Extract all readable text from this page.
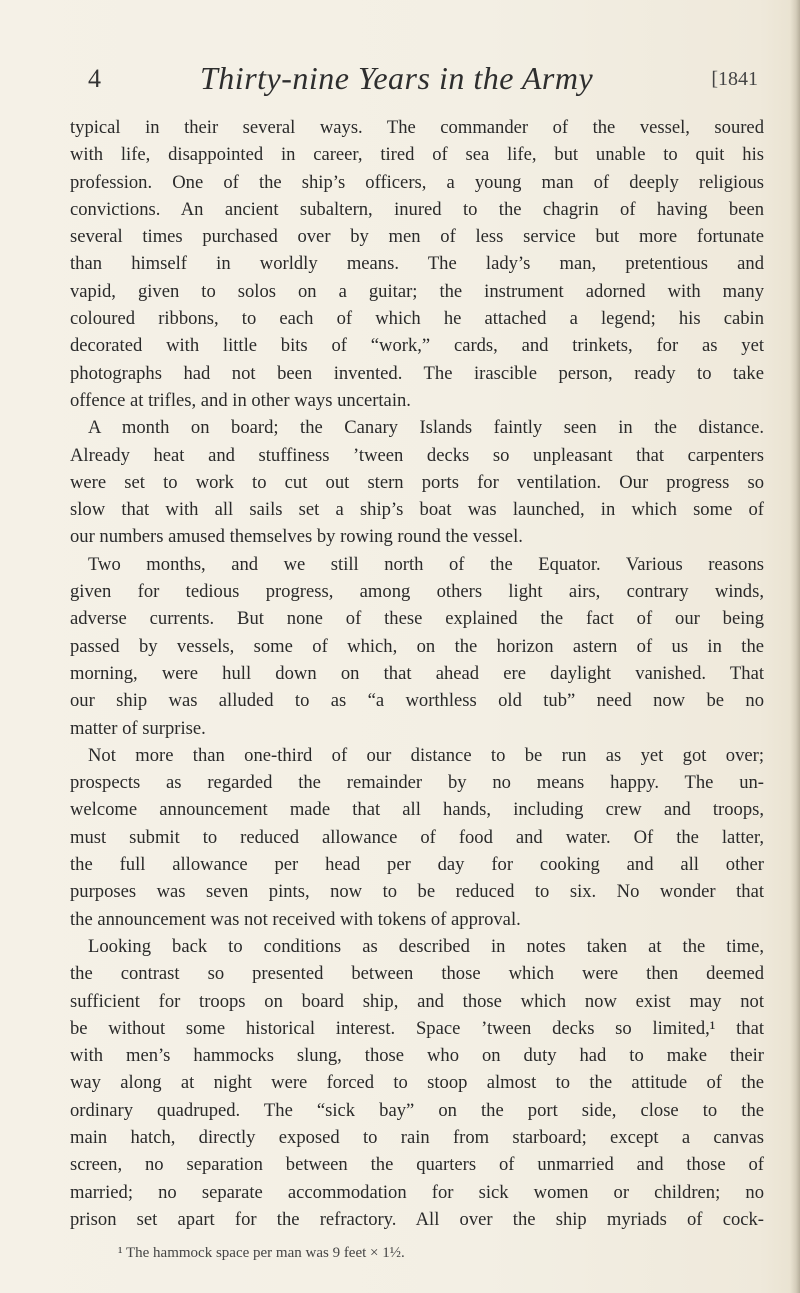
4	Thirty-nine Years in the Army	[1841
typical in their several ways. The commander of the vessel, soured
with life, disappointed in career, tired of sea life, but unable to quit his
profession. One of the ship’s officers, a young man of deeply religious
convictions. An ancient subaltern, inured to the chagrin of having been
several times purchased over by men of less service but more fortunate
than himself in worldly means. The lady’s man, pretentious and
vapid, given to solos on a guitar; the instrument adorned with many
coloured ribbons, to each of which he attached a legend; his cabin
decorated with little bits of “work,” cards, and trinkets, for as yet
photographs had not been invented. The irascible person, ready to take
offence at trifles, and in other ways uncertain.
A month on board; the Canary Islands faintly seen in the distance.
Already heat and stuffiness ’tween decks so unpleasant that carpenters
were set to work to cut out stern ports for ventilation. Our progress so
slow that with all sails set a ship’s boat was launched, in which some of
our numbers amused themselves by rowing round the vessel.
Two months, and we still north of the Equator. Various reasons
given for tedious progress, among others light airs, contrary winds,
adverse currents. But none of these explained the fact of our being
passed by vessels, some of which, on the horizon astern of us in the
morning, were hull down on that ahead ere daylight vanished. That
our ship was alluded to as “a worthless old tub” need now be no
matter of surprise.
Not more than one-third of our distance to be run as yet got over;
prospects as regarded the remainder by no means happy. The un-
welcome announcement made that all hands, including crew and troops,
must submit to reduced allowance of food and water. Of the latter,
the full allowance per head per day for cooking and all other
purposes was seven pints, now to be reduced to six. No wonder that
the announcement was not received with tokens of approval.
Looking back to conditions as described in notes taken at the time,
the contrast so presented between those which were then deemed
sufficient for troops on board ship, and those which now exist may not
be without some historical interest. Space ’tween decks so limited,¹ that
with men’s hammocks slung, those who on duty had to make their
way along at night were forced to stoop almost to the attitude of the
ordinary quadruped. The “sick bay” on the port side, close to the
main hatch, directly exposed to rain from starboard; except a canvas
screen, no separation between the quarters of unmarried and those of
married; no separate accommodation for sick women or children; no
prison set apart for the refractory. All over the ship myriads of cock-
¹ The hammock space per man was 9 feet × 1½.
